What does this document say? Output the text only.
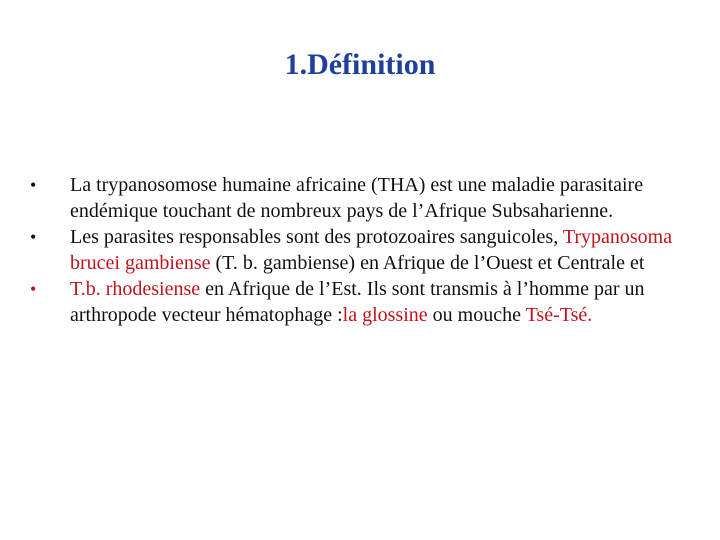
1.Définition
•	La trypanosomose humaine africaine (THA) est une maladie parasitaire endémique touchant de nombreux pays de l’Afrique Subsaharienne.
•	Les parasites responsables sont des protozoaires sanguicoles, Trypanosoma brucei gambiense (T. b. gambiense) en Afrique de l’Ouest et Centrale et
•	T.b. rhodesiense en Afrique de l’Est. Ils sont transmis à l’homme par un arthropode vecteur hématophage :la glossine ou mouche Tsé-Tsé.
